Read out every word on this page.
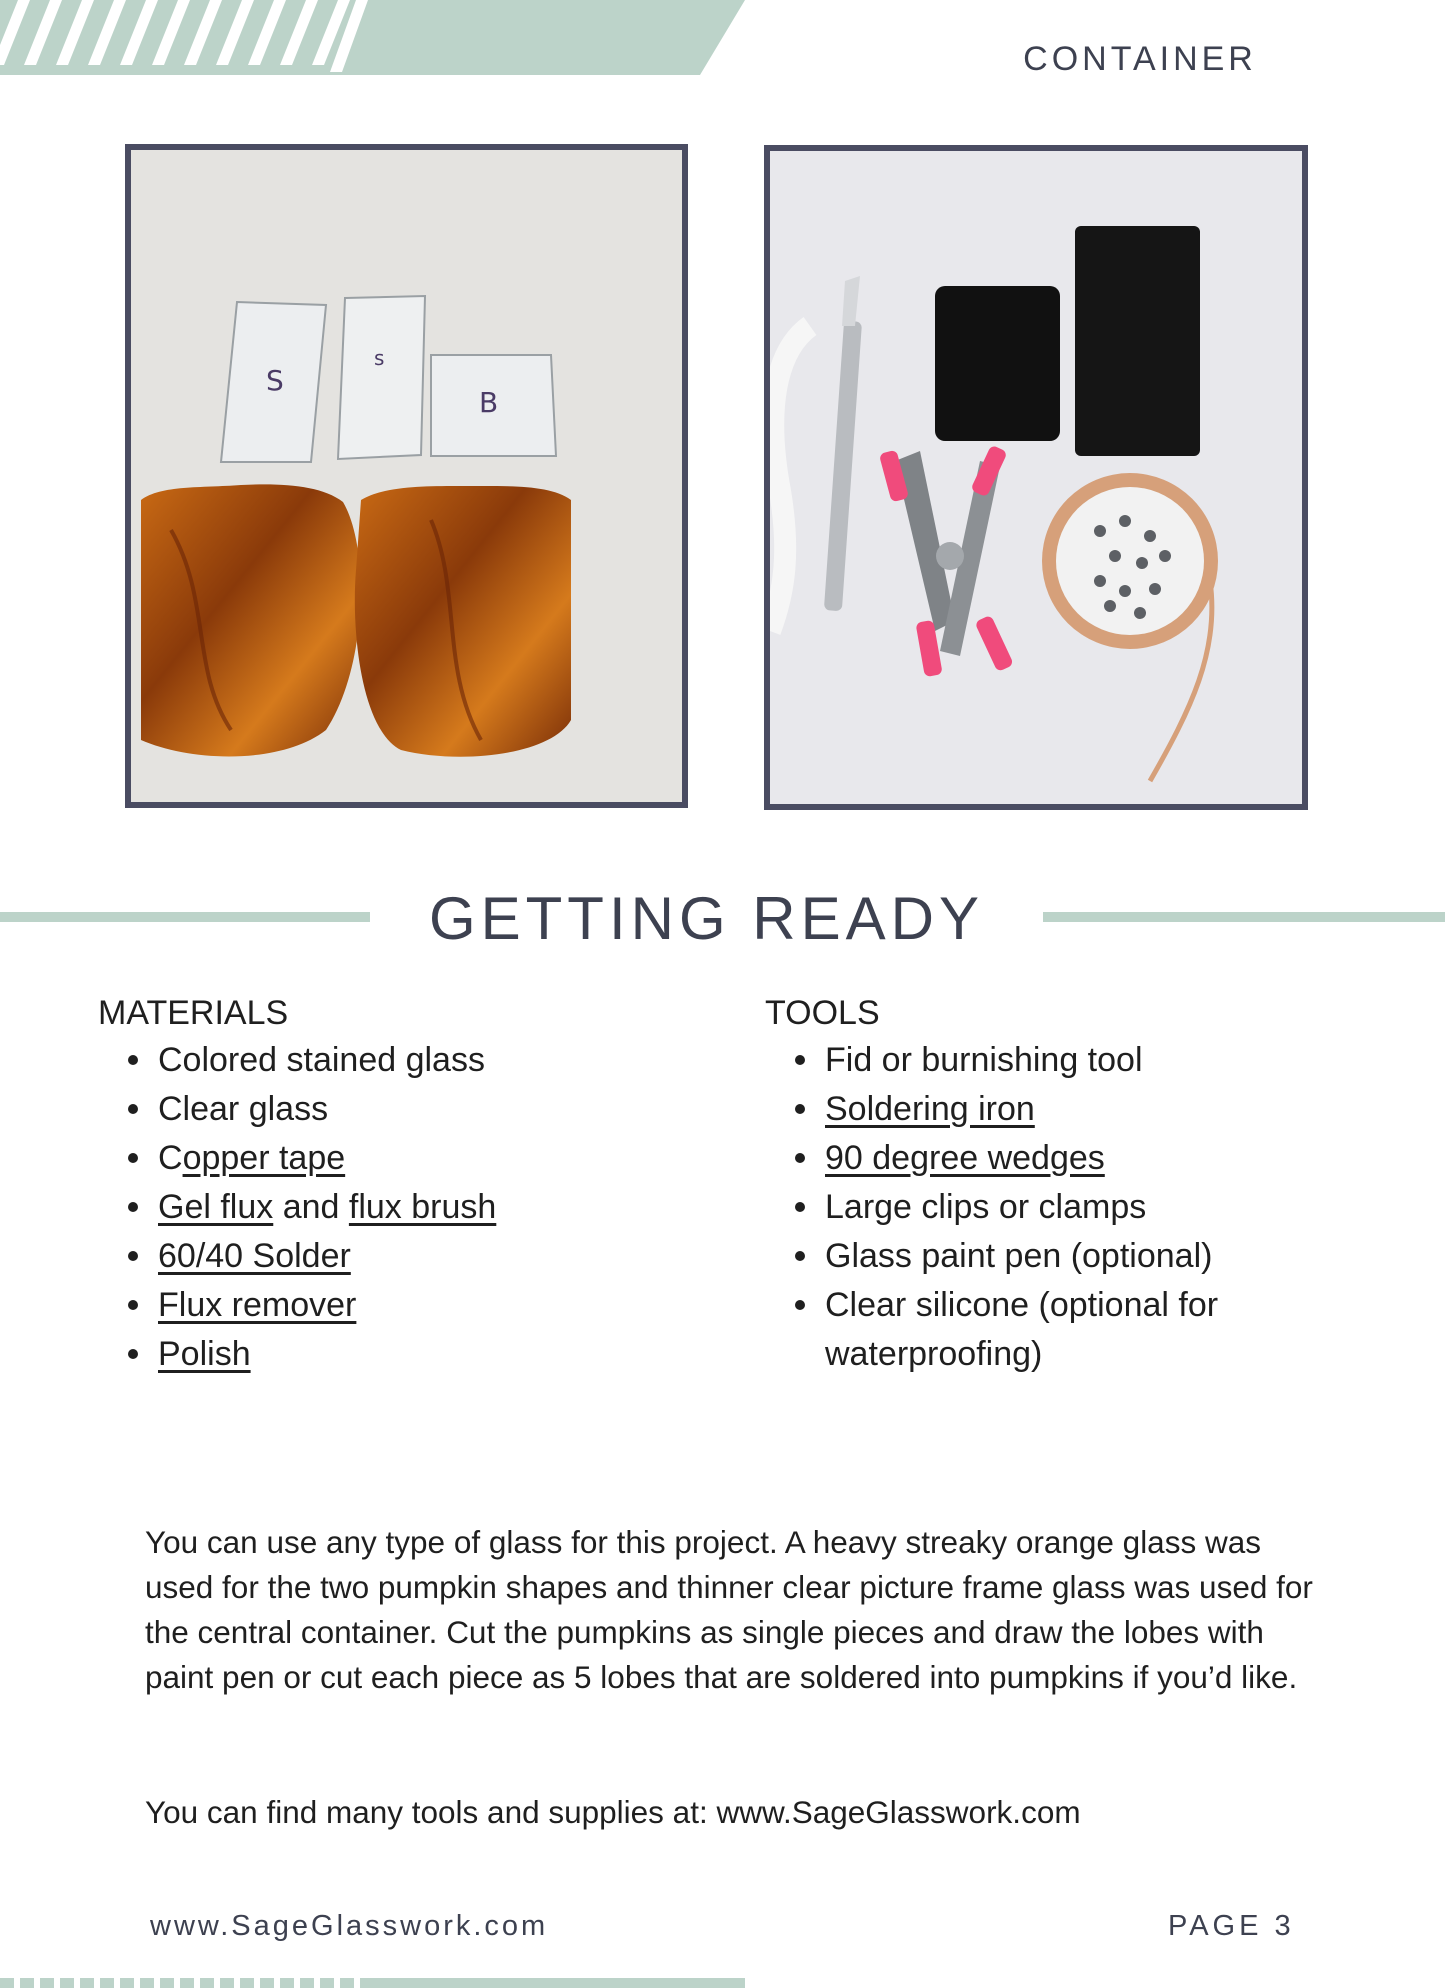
CONTAINER
S
s
B
GETTING READY
MATERIALS
Colored stained glass
Clear glass
Copper tape
Gel flux and flux brush
60/40 Solder
Flux remover
Polish
TOOLS
Fid or burnishing tool
Soldering iron
90 degree wedges
Large clips or clamps
Glass paint pen (optional)
Clear silicone (optional for waterproofing)

You can use any type of glass for this project. A heavy streaky orange glass was used for the two pumpkin shapes and thinner clear picture frame glass was used for the central container. Cut the pumpkins as single pieces and draw the lobes with paint pen or cut each piece as 5 lobes that are soldered into pumpkins if you’d like.

You can find many tools and supplies at: www.SageGlasswork.com

www.SageGlasswork.com	PAGE 3
